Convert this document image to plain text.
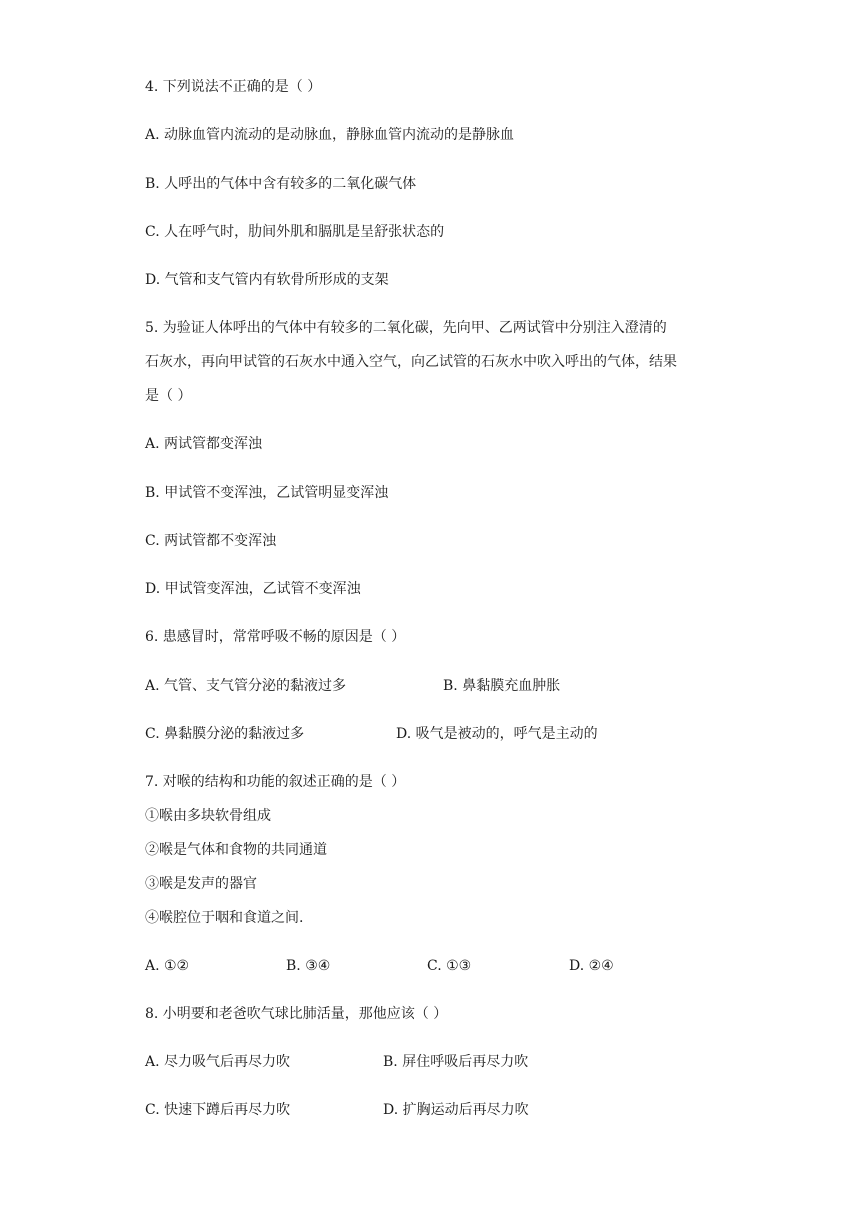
4. 下列说法不正确的是（ ）
A. 动脉血管内流动的是动脉血，静脉血管内流动的是静脉血
B. 人呼出的气体中含有较多的二氧化碳气体
C. 人在呼气时，肋间外肌和膈肌是呈舒张状态的
D. 气管和支气管内有软骨所形成的支架
5. 为验证人体呼出的气体中有较多的二氧化碳，先向甲、乙两试管中分别注入澄清的
石灰水，再向甲试管的石灰水中通入空气，向乙试管的石灰水中吹入呼出的气体，结果
是（ ）
A. 两试管都变浑浊
B. 甲试管不变浑浊，乙试管明显变浑浊
C. 两试管都不变浑浊
D. 甲试管变浑浊，乙试管不变浑浊
6. 患感冒时，常常呼吸不畅的原因是（ ）
A. 气管、支气管分泌的黏液过多	B. 鼻黏膜充血肿胀
C. 鼻黏膜分泌的黏液过多	D. 吸气是被动的，呼气是主动的
7. 对喉的结构和功能的叙述正确的是（ ）
①喉由多块软骨组成
②喉是气体和食物的共同通道
③喉是发声的器官
④喉腔位于咽和食道之间.
A. ①②	B. ③④	C. ①③	D. ②④
8. 小明要和老爸吹气球比肺活量，那他应该（ ）
A. 尽力吸气后再尽力吹	B. 屏住呼吸后再尽力吹
C. 快速下蹲后再尽力吹	D. 扩胸运动后再尽力吹
